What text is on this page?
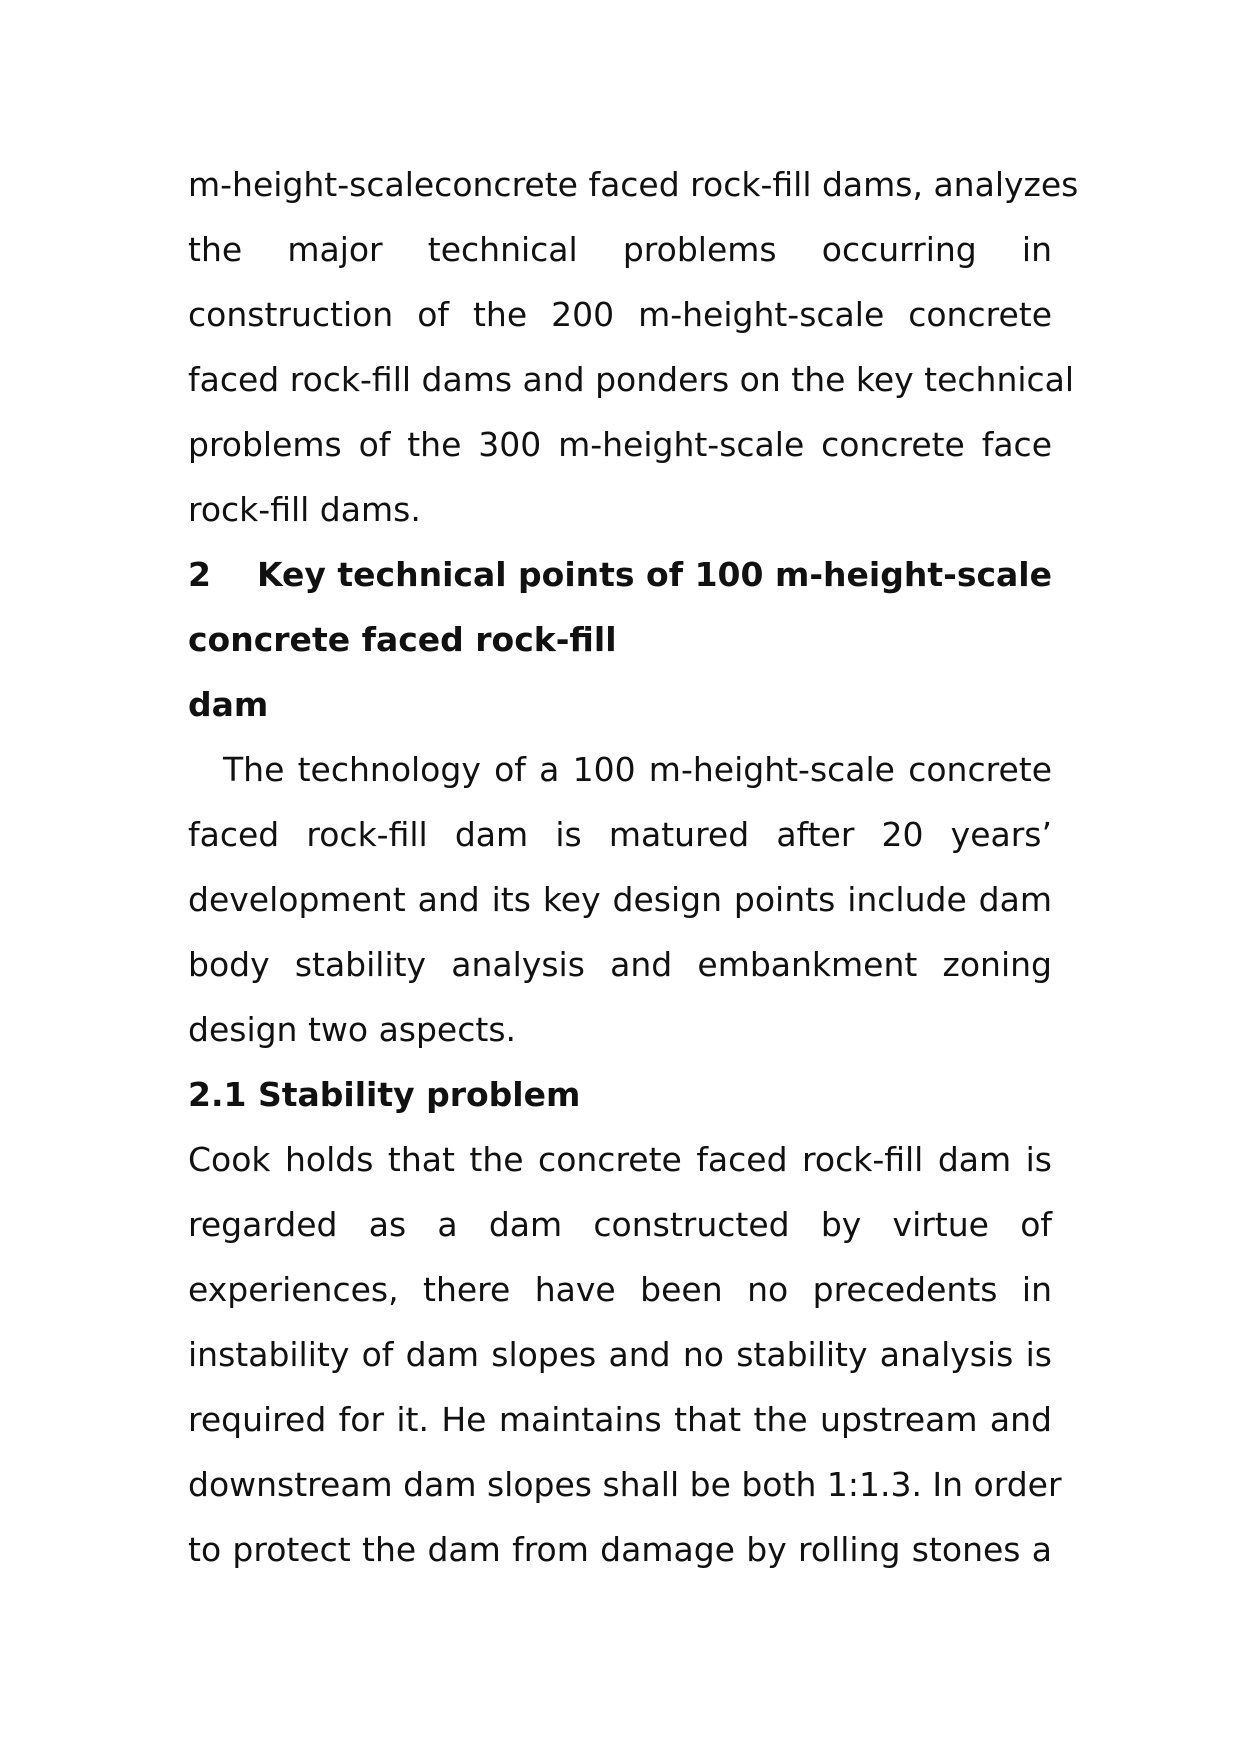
m-height-scaleconcrete faced rock-fill dams, analyzes
the major technical problems occurring in
construction of the 200 m-height-scale concrete
faced rock-fill dams and ponders on the key technical
problems of the 300 m-height-scale concrete face
rock-fill dams.

2    Key technical points of 100 m-height-scale
concrete faced rock-fill
dam

The technology of a 100 m-height-scale concrete
faced rock-fill dam is matured after 20 years’
development and its key design points include dam
body stability analysis and embankment zoning
design two aspects.

2.1 Stability problem

Cook holds that the concrete faced rock-fill dam is
regarded as a dam constructed by virtue of
experiences, there have been no precedents in
instability of dam slopes and no stability analysis is
required for it. He maintains that the upstream and
downstream dam slopes shall be both 1:1.3. In order
to protect the dam from damage by rolling stones a
